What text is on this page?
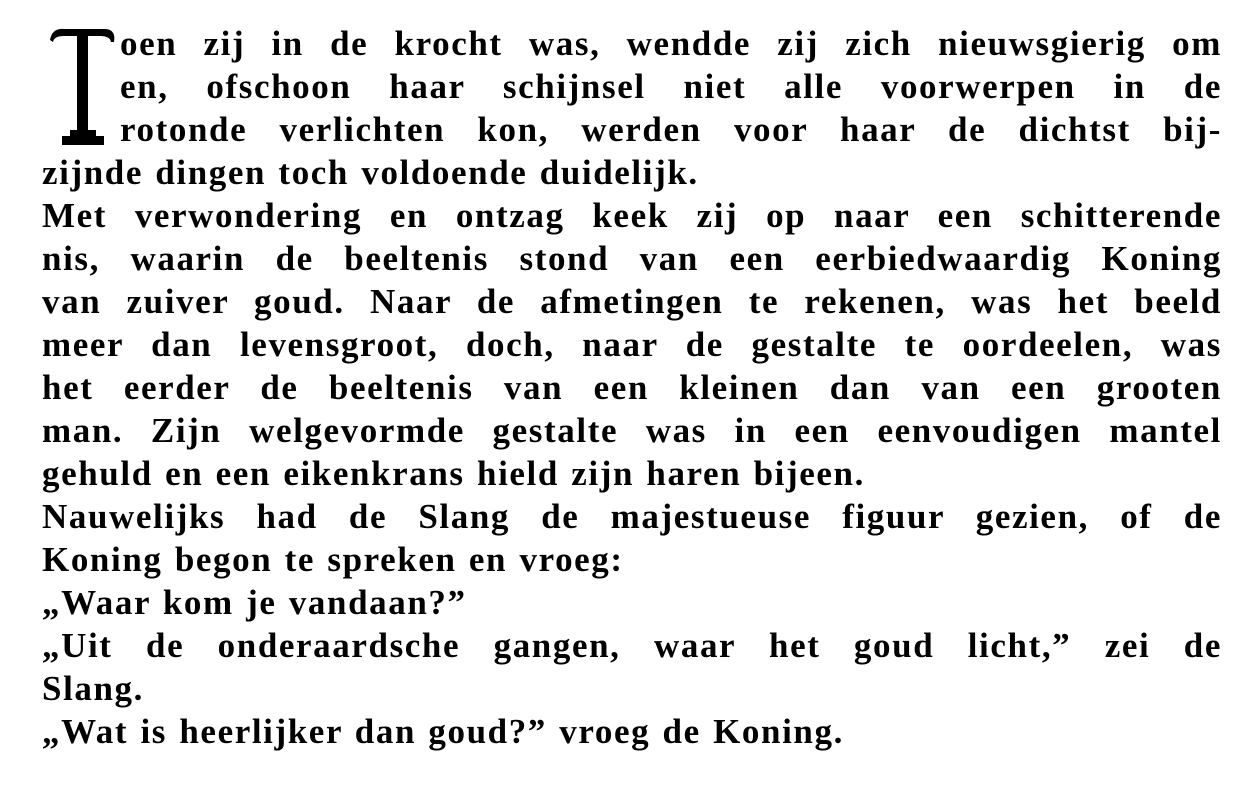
oen zij in de krocht was, wendde zij zich nieuwsgierig om

en, ofschoon haar schijnsel niet alle voorwerpen in de

rotonde verlichten kon, werden voor haar de dichtst bij-

zijnde dingen toch voldoende duidelijk.

Met verwondering en ontzag keek zij op naar een schitterende

nis, waarin de beeltenis stond van een eerbiedwaardig Koning

van zuiver goud. Naar de afmetingen te rekenen, was het beeld

meer dan levensgroot, doch, naar de gestalte te oordeelen, was

het eerder de beeltenis van een kleinen dan van een grooten

man. Zijn welgevormde gestalte was in een eenvoudigen mantel

gehuld en een eikenkrans hield zijn haren bijeen.

Nauwelijks had de Slang de majestueuse figuur gezien, of de

Koning begon te spreken en vroeg:

„Waar kom je vandaan?”

„Uit de onderaardsche gangen, waar het goud licht,” zei de

Slang.

„Wat is heerlijker dan goud?” vroeg de Koning.
